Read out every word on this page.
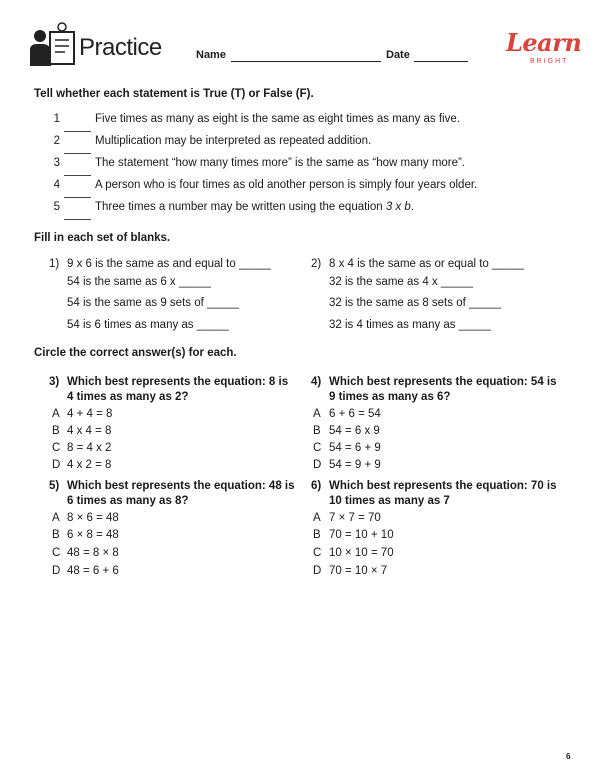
Practice	Name	Date	Learn
BRIGHT
Tell whether each statement is True (T) or False (F).
1	Five times as many as eight is the same as eight times as many as five.
2	Multiplication may be interpreted as repeated addition.
3	The statement “how many times more” is the same as “how many more”.
4	A person who is four times as old another person is simply four years older.
5	Three times a number may be written using the equation 3 x b.
Fill in each set of blanks.
1) 9 x 6 is the same as and equal to _____
54 is the same as 6 x _____
54 is the same as 9 sets of _____
54 is 6 times as many as _____
2) 8 x 4 is the same as or equal to _____
32 is the same as 4 x _____
32 is the same as 8 sets of _____
32 is 4 times as many as _____
Circle the correct answer(s) for each.
3) Which best represents the equation: 8 is 4 times as many as 2?
A 4 + 4 = 8
B 4 x 4 = 8
C 8 = 4 x 2
D 4 x 2 = 8
4) Which best represents the equation: 54 is 9 times as many as 6?
A 6 + 6 = 54
B 54 = 6 x 9
C 54 = 6 + 9
D 54 = 9 + 9
5) Which best represents the equation: 48 is 6 times as many as 8?
A 8 × 6 = 48
B 6 × 8 = 48
C 48 = 8 × 8
D 48 = 6 + 6
6) Which best represents the equation: 70 is 10 times as many as 7
A 7 × 7 = 70
B 70 = 10 + 10
C 10 × 10 = 70
D 70 = 10 × 7
6
